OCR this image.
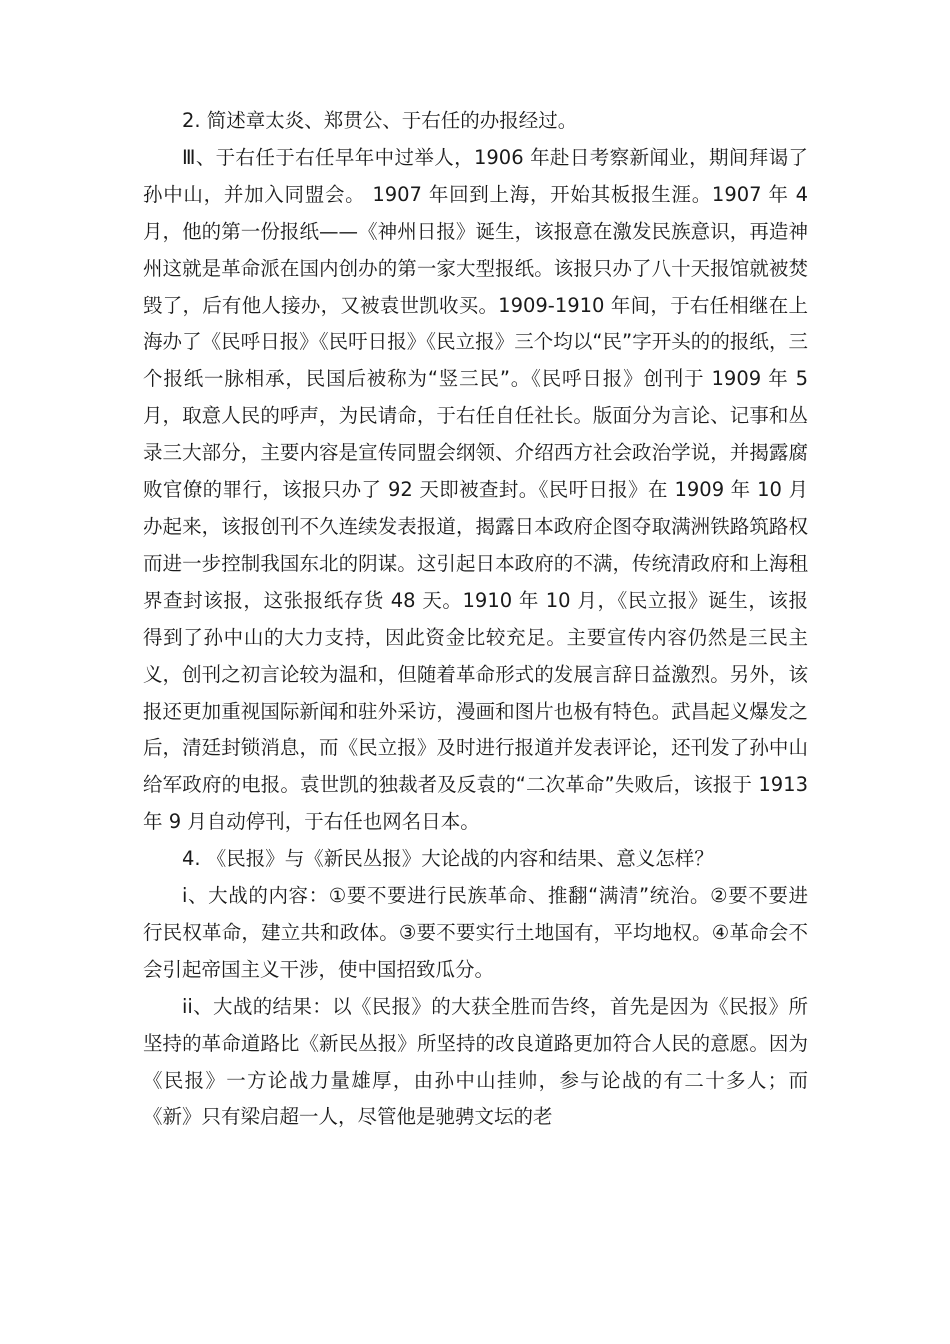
2. 简述章太炎、郑贯公、于右任的办报经过。

Ⅲ、于右任于右任早年中过举人，1906 年赴日考察新闻业，期间拜谒了孙中山，并加入同盟会。 1907 年回到上海，开始其板报生涯。1907 年 4 月，他的第一份报纸——《神州日报》诞生，该报意在激发民族意识，再造神州这就是革命派在国内创办的第一家大型报纸。该报只办了八十天报馆就被焚毁了，后有他人接办，又被袁世凯收买。1909-1910 年间，于右任相继在上海办了《民呼日报》《民吁日报》《民立报》三个均以“民”字开头的的报纸，三个报纸一脉相承，民国后被称为“竖三民”。《民呼日报》创刊于 1909 年 5 月，取意人民的呼声，为民请命，于右任自任社长。版面分为言论、记事和丛录三大部分，主要内容是宣传同盟会纲领、介绍西方社会政治学说，并揭露腐败官僚的罪行，该报只办了 92 天即被查封。《民吁日报》在 1909 年 10 月办起来，该报创刊不久连续发表报道，揭露日本政府企图夺取满洲铁路筑路权而进一步控制我国东北的阴谋。这引起日本政府的不满，传统清政府和上海租界查封该报，这张报纸存货 48 天。1910 年 10 月，《民立报》诞生，该报得到了孙中山的大力支持，因此资金比较充足。主要宣传内容仍然是三民主义，创刊之初言论较为温和，但随着革命形式的发展言辞日益激烈。另外，该报还更加重视国际新闻和驻外采访，漫画和图片也极有特色。武昌起义爆发之后，清廷封锁消息，而《民立报》及时进行报道并发表评论，还刊发了孙中山给军政府的电报。袁世凯的独裁者及反袁的“二次革命”失败后，该报于 1913 年 9 月自动停刊，于右任也网名日本。

4. 《民报》与《新民丛报》大论战的内容和结果、意义怎样？

i、大战的内容：①要不要进行民族革命、推翻“满清”统治。②要不要进行民权革命，建立共和政体。③要不要实行土地国有，平均地权。④革命会不会引起帝国主义干涉，使中国招致瓜分。

ii、大战的结果：以《民报》的大获全胜而告终，首先是因为《民报》所坚持的革命道路比《新民丛报》所坚持的改良道路更加符合人民的意愿。因为《民报》一方论战力量雄厚，由孙中山挂帅，参与论战的有二十多人；而《新》只有梁启超一人，尽管他是驰骋文坛的老
